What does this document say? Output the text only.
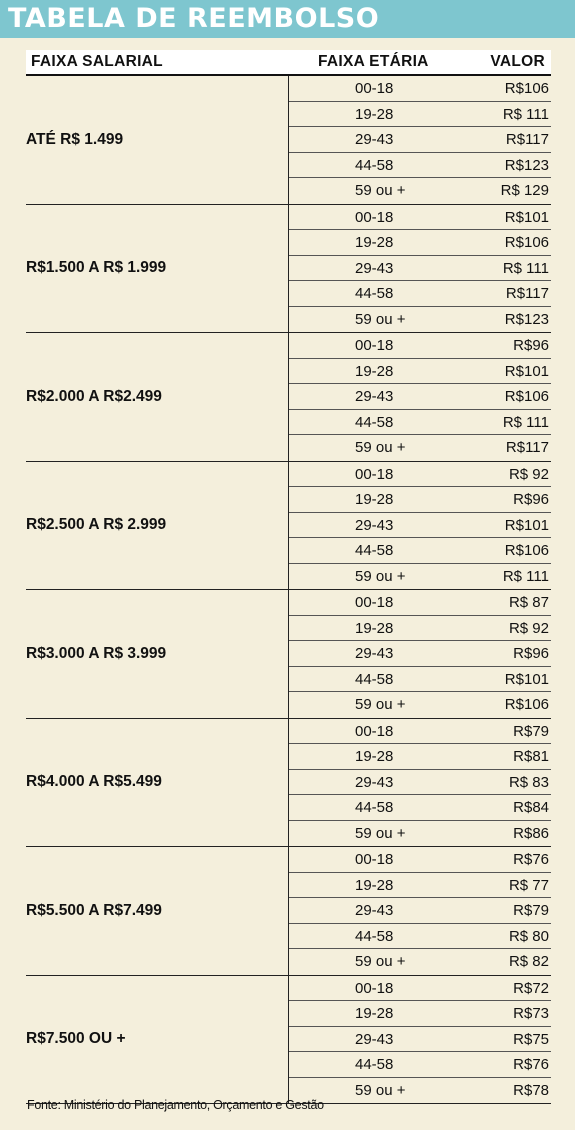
TABELA DE REEMBOLSO
FAIXA SALARIAL	FAIXA ETÁRIA	VALOR
ATÉ R$ 1.499
00-18	R$106
19-28	R$ 111
29-43	R$117
44-58	R$123
59 ou +	R$ 129
R$1.500 A R$ 1.999
00-18	R$101
19-28	R$106
29-43	R$ 111
44-58	R$117
59 ou +	R$123
R$2.000 A R$2.499
00-18	R$96
19-28	R$101
29-43	R$106
44-58	R$ 111
59 ou +	R$117
R$2.500 A R$ 2.999
00-18	R$ 92
19-28	R$96
29-43	R$101
44-58	R$106
59 ou +	R$ 111
R$3.000 A R$ 3.999
00-18	R$ 87
19-28	R$ 92
29-43	R$96
44-58	R$101
59 ou +	R$106
R$4.000 A R$5.499
00-18	R$79
19-28	R$81
29-43	R$ 83
44-58	R$84
59 ou +	R$86
R$5.500 A R$7.499
00-18	R$76
19-28	R$ 77
29-43	R$79
44-58	R$ 80
59 ou +	R$ 82
R$7.500 OU +
00-18	R$72
19-28	R$73
29-43	R$75
44-58	R$76
59 ou +	R$78
Fonte: Ministério do Planejamento, Orçamento e Gestão
